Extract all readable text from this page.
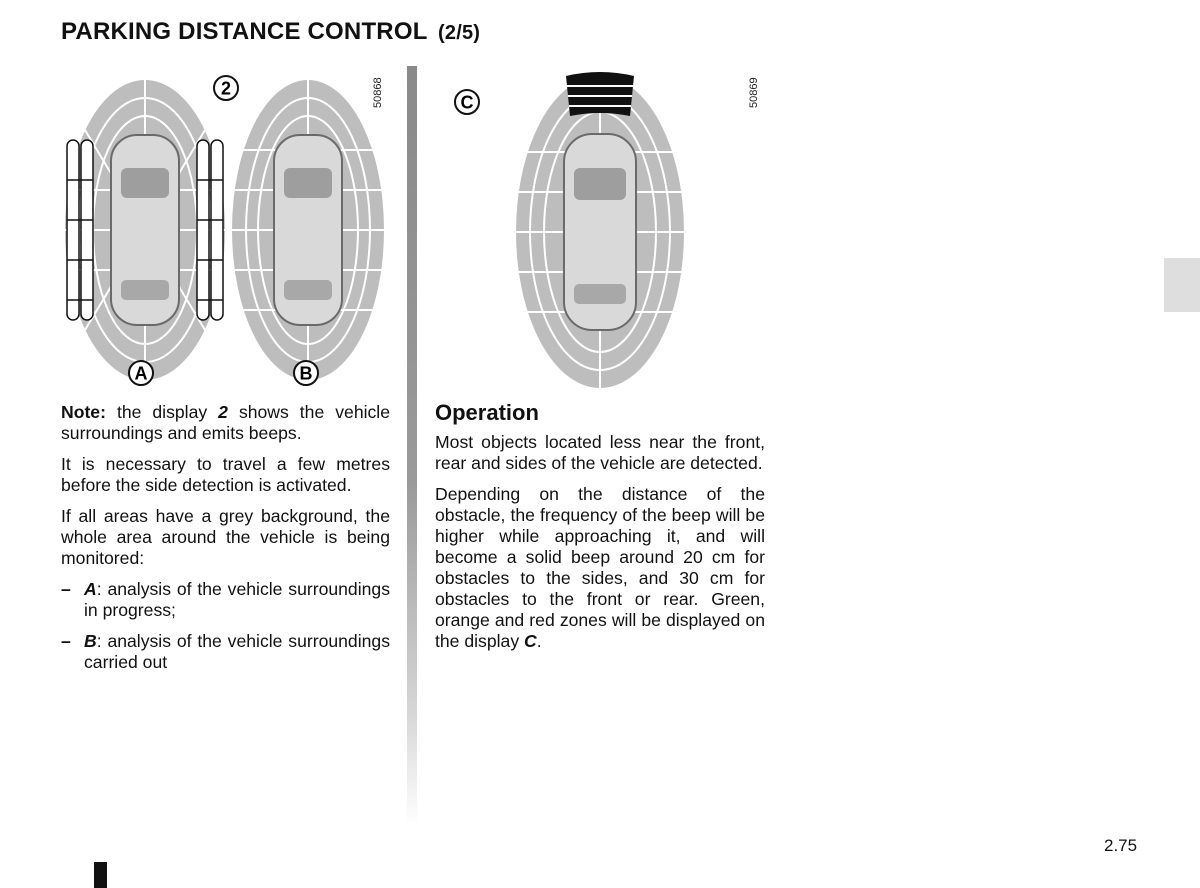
PARKING DISTANCE CONTROL (2/5)
2
A	B
50868	C	50869

Note: the display 2 shows the vehicle surroundings and emits beeps.

It is necessary to travel a few metres before the side detection is activated.

If all areas have a grey background, the whole area around the vehicle is being monitored:

– A: analysis of the vehicle surroundings in progress;
– B: analysis of the vehicle surroundings carried out
Operation

Most objects located less near the front, rear and sides of the vehicle are detected.

Depending on the distance of the obstacle, the frequency of the beep will be higher while approaching it, and will become a solid beep around 20 cm for obstacles to the sides, and 30 cm for obstacles to the front or rear. Green, orange and red zones will be displayed on the display C.

2.75
